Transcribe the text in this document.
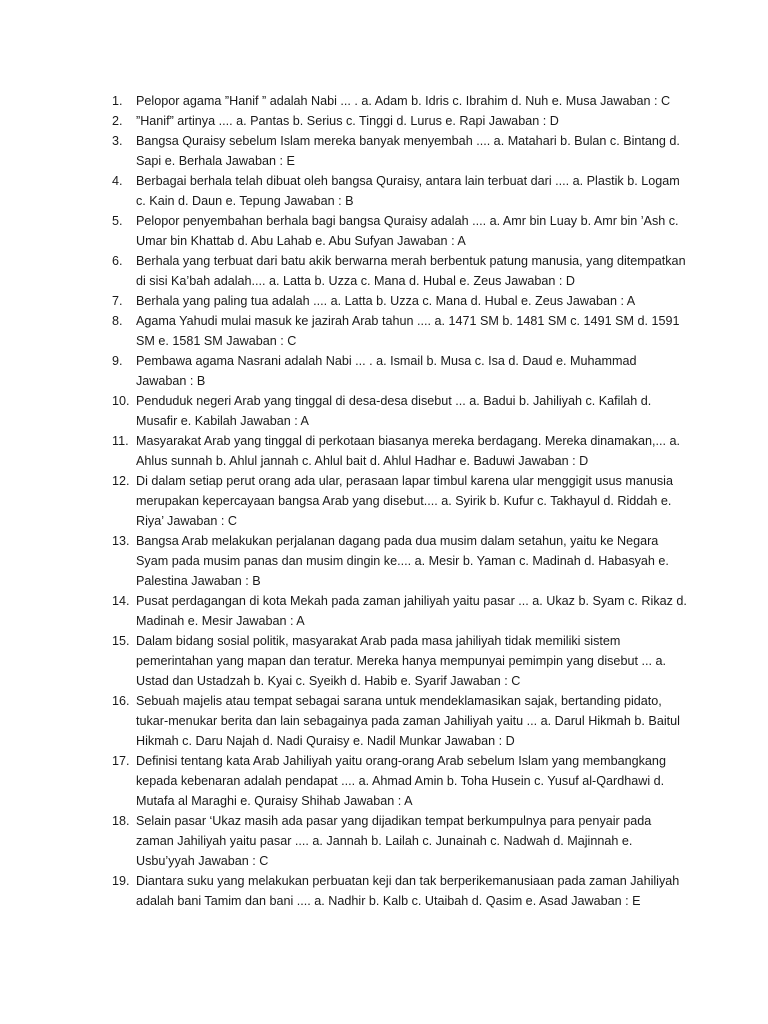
1.	Pelopor agama ”Hanif ” adalah Nabi ... . a. Adam b. Idris c. Ibrahim d. Nuh e. Musa Jawaban : C
2.	”Hanif” artinya .... a. Pantas b. Serius c. Tinggi d. Lurus e. Rapi Jawaban : D
3.	Bangsa Quraisy sebelum Islam mereka banyak menyembah .... a. Matahari b. Bulan c. Bintang d. Sapi e. Berhala Jawaban : E
4.	Berbagai berhala telah dibuat oleh bangsa Quraisy, antara lain terbuat dari .... a. Plastik b. Logam c. Kain d. Daun e. Tepung Jawaban : B
5.	Pelopor penyembahan berhala bagi bangsa Quraisy adalah .... a. Amr bin Luay b. Amr bin ’Ash c. Umar bin Khattab d. Abu Lahab e. Abu Sufyan Jawaban : A
6.	Berhala yang terbuat dari batu akik berwarna merah berbentuk patung manusia, yang ditempatkan di sisi Ka’bah adalah.... a. Latta b. Uzza c. Mana d. Hubal e. Zeus Jawaban : D
7.	Berhala yang paling tua adalah .... a. Latta b. Uzza c. Mana d. Hubal e. Zeus Jawaban : A
8.	Agama Yahudi mulai masuk ke jazirah Arab tahun .... a. 1471 SM b. 1481 SM c. 1491 SM d. 1591 SM e. 1581 SM Jawaban : C
9.	Pembawa agama Nasrani adalah Nabi ... . a. Ismail b. Musa c. Isa d. Daud e. Muhammad Jawaban : B
10. Penduduk negeri Arab yang tinggal di desa-desa disebut ... a. Badui b. Jahiliyah c. Kafilah d. Musafir e. Kabilah Jawaban : A
11. Masyarakat Arab yang tinggal di perkotaan biasanya mereka berdagang. Mereka dinamakan,... a. Ahlus sunnah b. Ahlul jannah c. Ahlul bait d. Ahlul Hadhar e. Baduwi Jawaban : D
12. Di dalam setiap perut orang ada ular, perasaan lapar timbul karena ular menggigit usus manusia merupakan kepercayaan bangsa Arab yang disebut.... a. Syirik b. Kufur c. Takhayul d. Riddah e. Riya’ Jawaban : C
13. Bangsa Arab melakukan perjalanan dagang pada dua musim dalam setahun, yaitu ke Negara Syam pada musim panas dan musim dingin ke.... a. Mesir b. Yaman c. Madinah d. Habasyah e. Palestina Jawaban : B
14. Pusat perdagangan di kota Mekah pada zaman jahiliyah yaitu pasar ... a. Ukaz b. Syam c. Rikaz d. Madinah e. Mesir Jawaban : A
15. Dalam bidang sosial politik, masyarakat Arab pada masa jahiliyah tidak memiliki sistem pemerintahan yang mapan dan teratur. Mereka hanya mempunyai pemimpin yang disebut ... a. Ustad dan Ustadzah b. Kyai c. Syeikh d. Habib e. Syarif Jawaban : C
16. Sebuah majelis atau tempat sebagai sarana untuk mendeklamasikan sajak, bertanding pidato, tukar-menukar berita dan lain sebagainya pada zaman Jahiliyah yaitu ... a. Darul Hikmah b. Baitul Hikmah c. Daru Najah d. Nadi Quraisy e. Nadil Munkar Jawaban : D
17. Definisi tentang kata Arab Jahiliyah yaitu orang-orang Arab sebelum Islam yang membangkang kepada kebenaran adalah pendapat .... a. Ahmad Amin b. Toha Husein c. Yusuf al-Qardhawi d. Mutafa al Maraghi e. Quraisy Shihab Jawaban : A
18. Selain pasar ‘Ukaz masih ada pasar yang dijadikan tempat berkumpulnya para penyair pada zaman Jahiliyah yaitu pasar .... a. Jannah b. Lailah c. Junainah c. Nadwah d. Majinnah e. Usbu’yyah Jawaban : C
19. Diantara suku yang melakukan perbuatan keji dan tak berperikemanusiaan pada zaman Jahiliyah adalah bani Tamim dan bani .... a. Nadhir b. Kalb c. Utaibah d. Qasim e. Asad Jawaban : E
